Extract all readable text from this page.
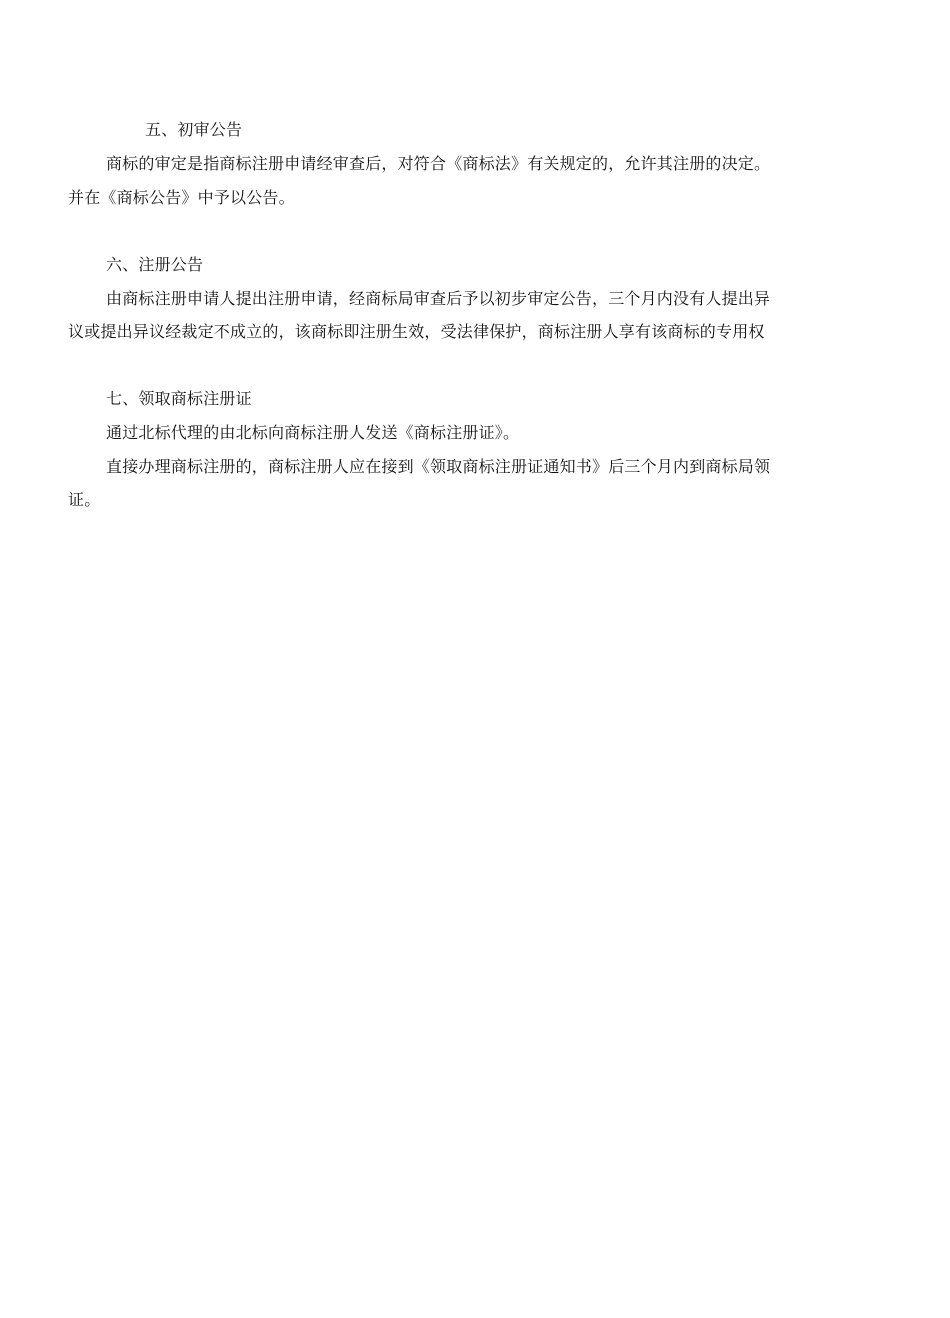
五、初审公告
商标的审定是指商标注册申请经审查后，对符合《商标法》有关规定的，允许其注册的决定。
并在《商标公告》中予以公告。
六、注册公告
由商标注册申请人提出注册申请，经商标局审查后予以初步审定公告，三个月内没有人提出异
议或提出异议经裁定不成立的，该商标即注册生效，受法律保护，商标注册人享有该商标的专用权
七、领取商标注册证
通过北标代理的由北标向商标注册人发送《商标注册证》。
直接办理商标注册的，商标注册人应在接到《领取商标注册证通知书》后三个月内到商标局领
证。
